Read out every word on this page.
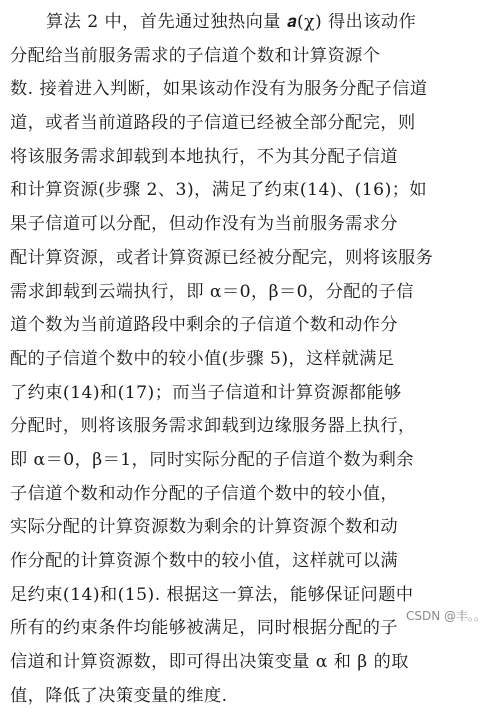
算法 2 中，首先通过独热向量 𝒂(χ) 得出该动作
分配给当前服务需求的子信道个数和计算资源个
数. 接着进入判断，如果该动作没有为服务分配子信道
道，或者当前道路段的子信道已经被全部分配完，则
将该服务需求卸载到本地执行，不为其分配子信道
和计算资源(步骤 2、3)，满足了约束(14)、(16)；如
果子信道可以分配，但动作没有为当前服务需求分
配计算资源，或者计算资源已经被分配完，则将该服务
需求卸载到云端执行，即 α＝0，β＝0，分配的子信
道个数为当前道路段中剩余的子信道个数和动作分
配的子信道个数中的较小值(步骤 5)，这样就满足
了约束(14)和(17)；而当子信道和计算资源都能够
分配时，则将该服务需求卸载到边缘服务器上执行，
即 α＝0，β＝1，同时实际分配的子信道个数为剩余
子信道个数和动作分配的子信道个数中的较小值，
实际分配的计算资源数为剩余的计算资源个数和动
作分配的计算资源个数中的较小值，这样就可以满
足约束(14)和(15). 根据这一算法，能够保证问题中
所有的约束条件均能够被满足，同时根据分配的子
信道和计算资源数，即可得出决策变量 α 和 β 的取
值，降低了决策变量的维度.
CSDN @丰。。
